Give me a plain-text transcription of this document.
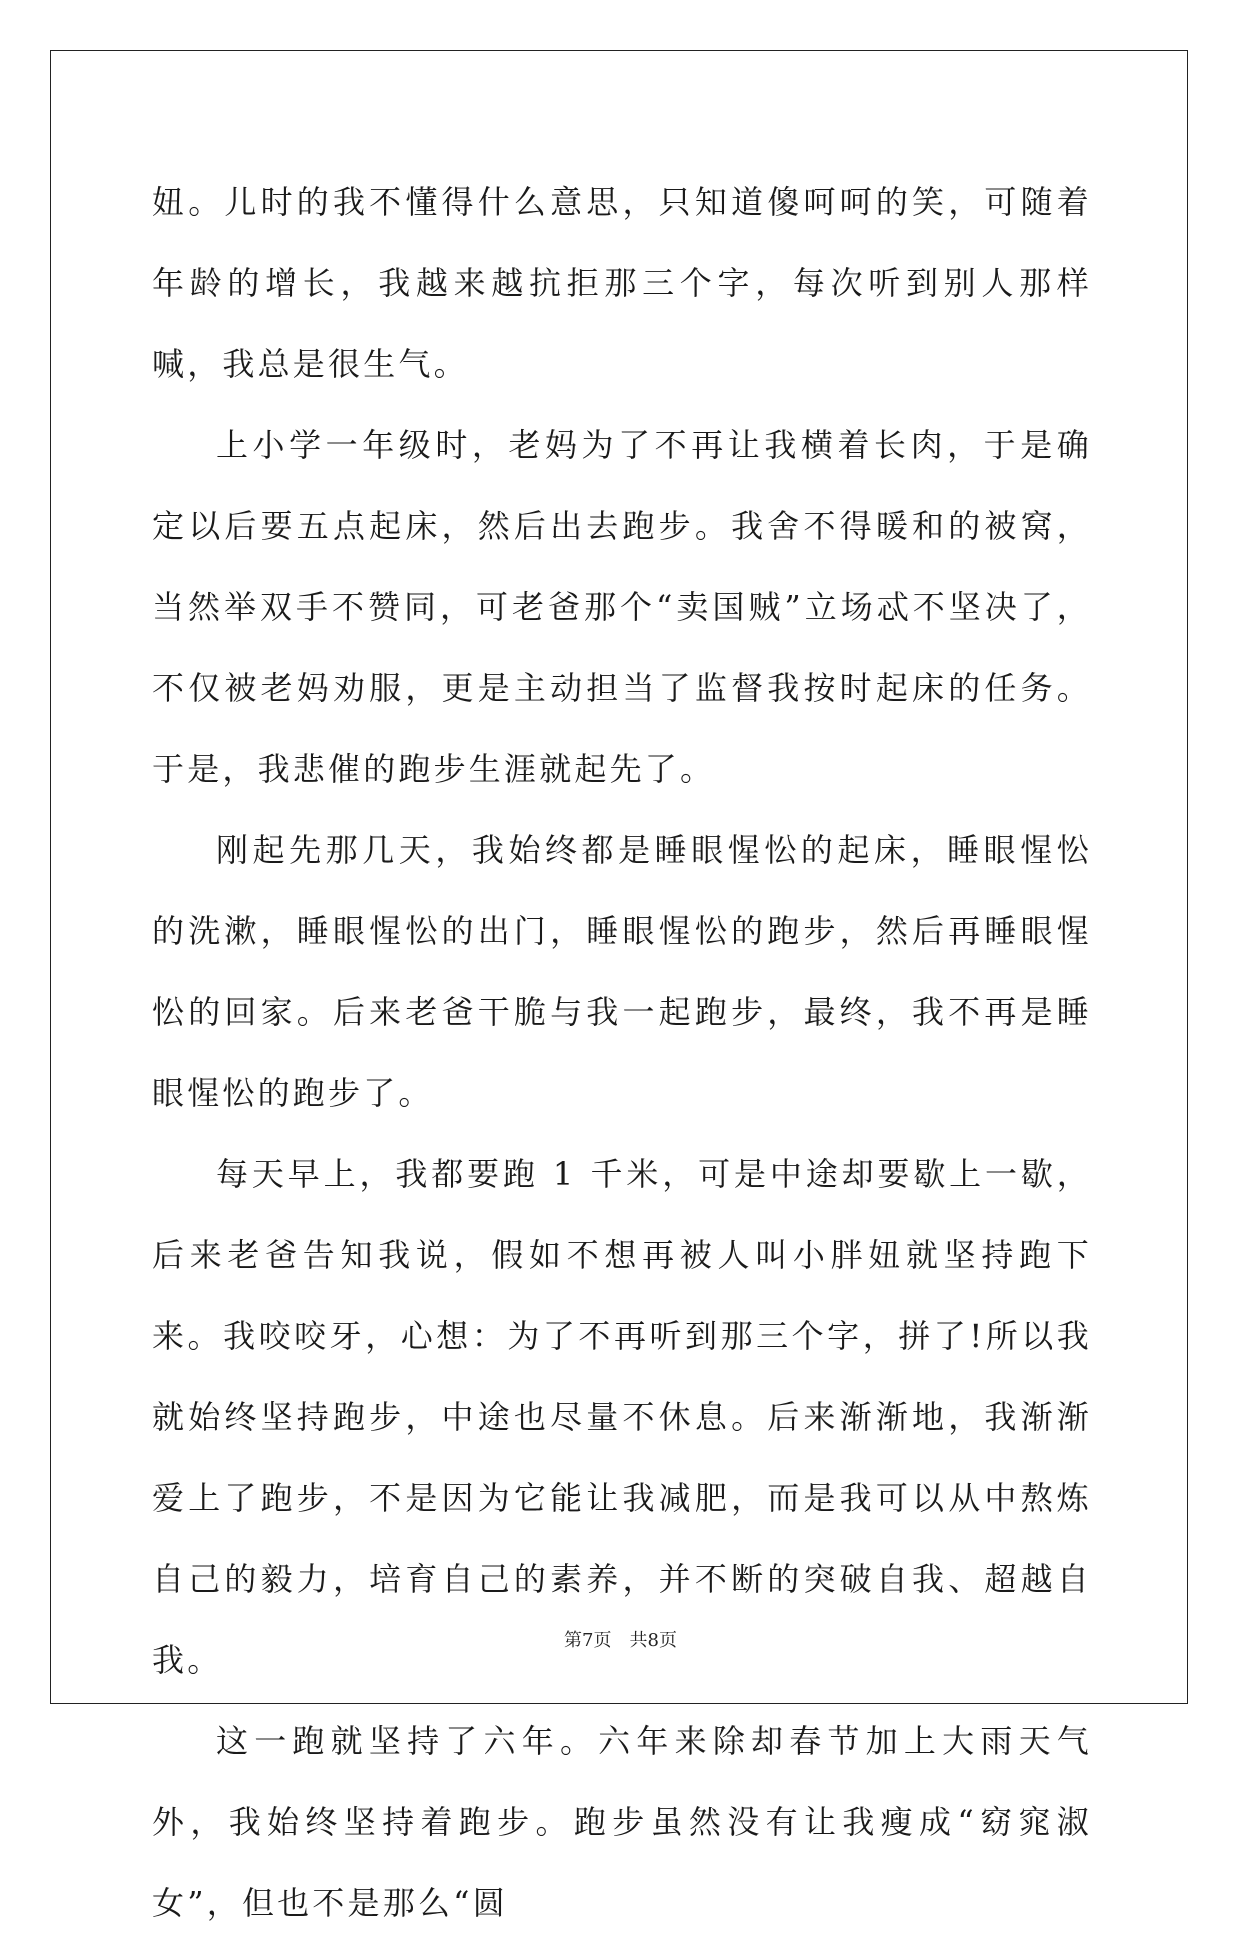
妞。儿时的我不懂得什么意思，只知道傻呵呵的笑，可随着年龄的增长，我越来越抗拒那三个字，每次听到别人那样喊，我总是很生气。

上小学一年级时，老妈为了不再让我横着长肉，于是确定以后要五点起床，然后出去跑步。我舍不得暖和的被窝，当然举双手不赞同，可老爸那个“卖国贼”立场忒不坚决了，不仅被老妈劝服，更是主动担当了监督我按时起床的任务。于是，我悲催的跑步生涯就起先了。

刚起先那几天，我始终都是睡眼惺忪的起床，睡眼惺忪的洗漱，睡眼惺忪的出门，睡眼惺忪的跑步，然后再睡眼惺忪的回家。后来老爸干脆与我一起跑步，最终，我不再是睡眼惺忪的跑步了。

每天早上，我都要跑 1 千米，可是中途却要歇上一歇，后来老爸告知我说，假如不想再被人叫小胖妞就坚持跑下来。我咬咬牙，心想：为了不再听到那三个字，拼了!所以我就始终坚持跑步，中途也尽量不休息。后来渐渐地，我渐渐爱上了跑步，不是因为它能让我减肥，而是我可以从中熬炼自己的毅力，培育自己的素养，并不断的突破自我、超越自我。

这一跑就坚持了六年。六年来除却春节加上大雨天气外，我始终坚持着跑步。跑步虽然没有让我瘦成“窈窕淑女”，但也不是那么“圆

第7页 共8页
